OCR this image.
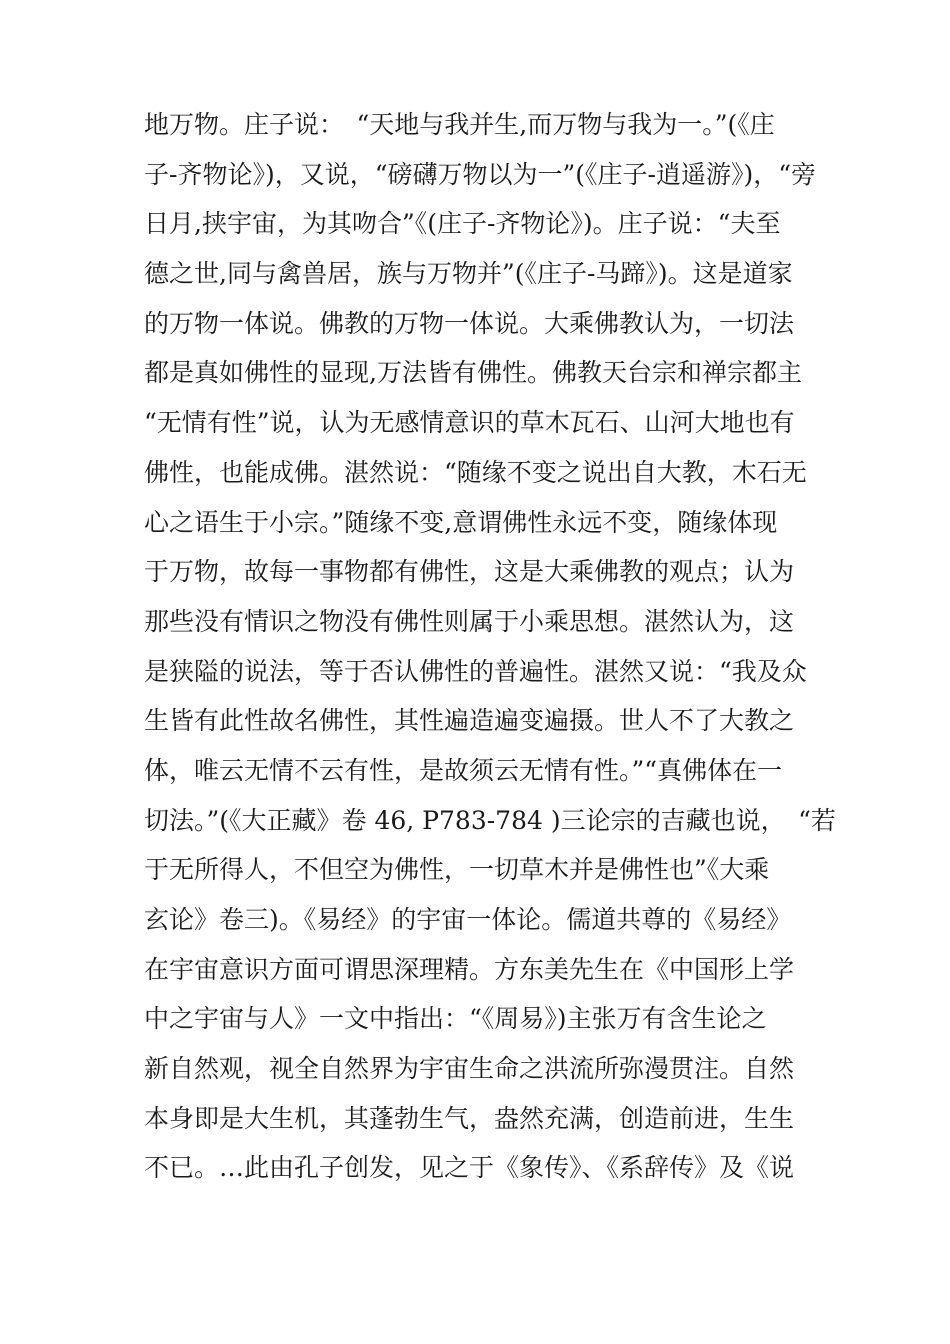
地万物。庄子说：　“天地与我并生,而万物与我为一。”(《庄
子-齐物论》)，又说，“磅礴万物以为一”(《庄子-逍遥游》)，“旁
日月,挟宇宙，为其吻合”《(庄子-齐物论》)。庄子说：“夫至
德之世,同与禽兽居，族与万物并”(《庄子-马蹄》)。这是道家
的万物一体说。佛教的万物一体说。大乘佛教认为，一切法
都是真如佛性的显现,万法皆有佛性。佛教天台宗和禅宗都主
“无情有性”说，认为无感情意识的草木瓦石、山河大地也有
佛性，也能成佛。湛然说：“随缘不变之说出自大教，木石无
心之语生于小宗。”随缘不变,意谓佛性永远不变，随缘体现
于万物，故每一事物都有佛性，这是大乘佛教的观点；认为
那些没有情识之物没有佛性则属于小乘思想。湛然认为，这
是狭隘的说法，等于否认佛性的普遍性。湛然又说：“我及众
生皆有此性故名佛性，其性遍造遍变遍摄。世人不了大教之
体，唯云无情不云有性，是故须云无情有性。”“真佛体在一
切法。”(《大正藏》卷 46, P783-784 )三论宗的吉藏也说，　“若
于无所得人，不但空为佛性，一切草木并是佛性也”《大乘
玄论》卷三)。《易经》的宇宙一体论。儒道共尊的《易经》
在宇宙意识方面可谓思深理精。方东美先生在《中国形上学
中之宇宙与人》一文中指出：“《周易》)主张万有含生论之
新自然观，视全自然界为宇宙生命之洪流所弥漫贯注。自然
本身即是大生机，其蓬勃生气，盎然充满，创造前进，生生
不已。…此由孔子创发，见之于《象传》、《系辞传》及《说
